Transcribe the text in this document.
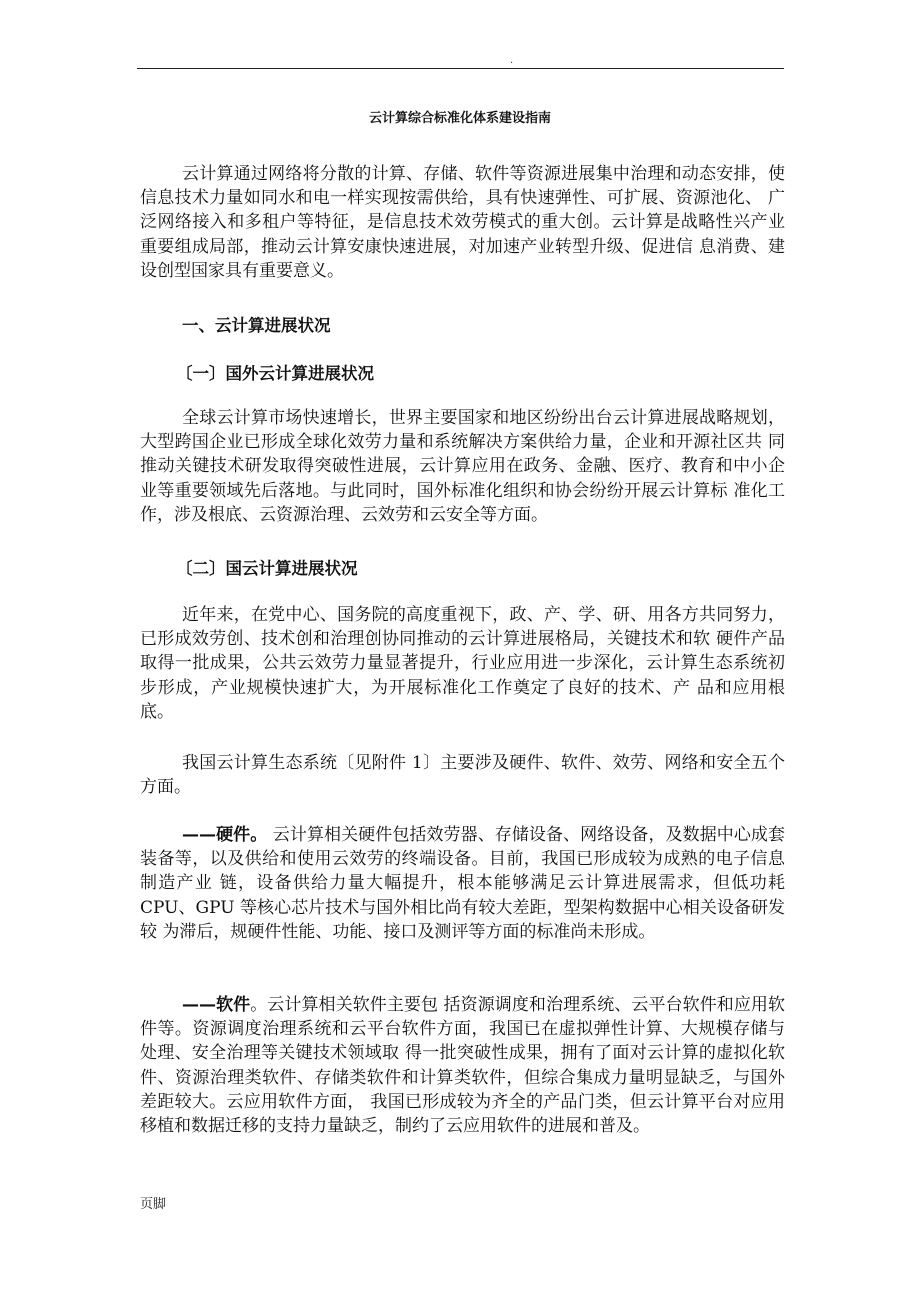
.
云计算综合标准化体系建设指南

云计算通过网络将分散的计算、存储、软件等资源进展集中治理和动态安排，使信息技术力量如同水和电一样实现按需供给，具有快速弹性、可扩展、资源池化、 广泛网络接入和多租户等特征，是信息技术效劳模式的重大创。云计算是战略性兴产业重要组成局部，推动云计算安康快速进展，对加速产业转型升级、促进信 息消费、建设创型国家具有重要意义。

一、云计算进展状况

〔一〕国外云计算进展状况

全球云计算市场快速增长，世界主要国家和地区纷纷出台云计算进展战略规划，大型跨国企业已形成全球化效劳力量和系统解决方案供给力量，企业和开源社区共 同推动关键技术研发取得突破性进展，云计算应用在政务、金融、医疗、教育和中小企业等重要领域先后落地。与此同时，国外标准化组织和协会纷纷开展云计算标 准化工作，涉及根底、云资源治理、云效劳和云安全等方面。

〔二〕国云计算进展状况

近年来，在党中心、国务院的高度重视下，政、产、学、研、用各方共同努力，已形成效劳创、技术创和治理创协同推动的云计算进展格局，关键技术和软 硬件产品取得一批成果，公共云效劳力量显著提升，行业应用进一步深化，云计算生态系统初步形成，产业规模快速扩大，为开展标准化工作奠定了良好的技术、产 品和应用根底。

我国云计算生态系统〔见附件 1〕主要涉及硬件、软件、效劳、网络和安全五个方面。

——硬件。 云计算相关硬件包括效劳器、存储设备、网络设备，及数据中心成套装备等，以及供给和使用云效劳的终端设备。目前，我国已形成较为成熟的电子信息制造产业 链，设备供给力量大幅提升，根本能够满足云计算进展需求，但低功耗 CPU、GPU 等核心芯片技术与国外相比尚有较大差距，型架构数据中心相关设备研发较 为滞后，规硬件性能、功能、接口及测评等方面的标准尚未形成。

——软件。云计算相关软件主要包 括资源调度和治理系统、云平台软件和应用软件等。资源调度治理系统和云平台软件方面，我国已在虚拟弹性计算、大规模存储与处理、安全治理等关键技术领域取 得一批突破性成果，拥有了面对云计算的虚拟化软件、资源治理类软件、存储类软件和计算类软件，但综合集成力量明显缺乏，与国外差距较大。云应用软件方面， 我国已形成较为齐全的产品门类，但云计算平台对应用移植和数据迁移的支持力量缺乏，制约了云应用软件的进展和普及。

页脚
